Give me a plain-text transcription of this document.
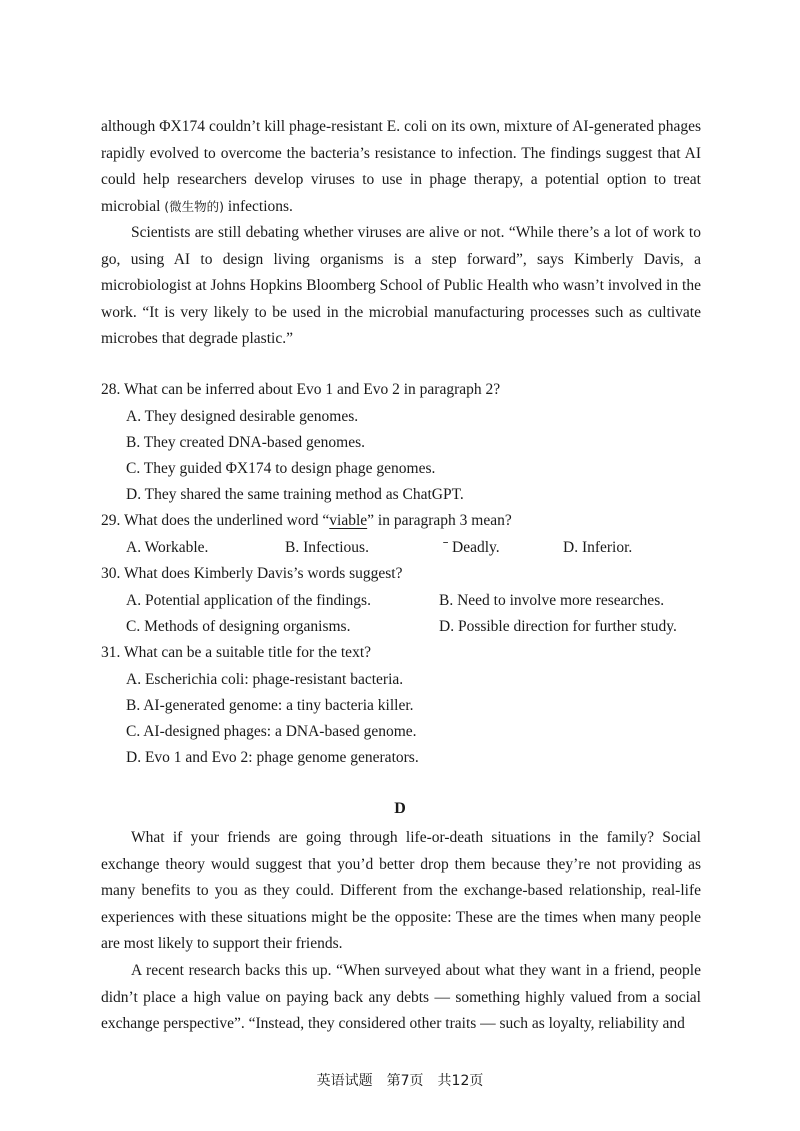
although ΦX174 couldn’t kill phage-resistant E. coli on its own, mixture of AI-generated phages rapidly evolved to overcome the bacteria’s resistance to infection. The findings suggest that AI could help researchers develop viruses to use in phage therapy, a potential option to treat microbial (微生物的) infections.

Scientists are still debating whether viruses are alive or not. “While there’s a lot of work to go, using AI to design living organisms is a step forward”, says Kimberly Davis, a microbiologist at Johns Hopkins Bloomberg School of Public Health who wasn’t involved in the work. “It is very likely to be used in the microbial manufacturing processes such as cultivate microbes that degrade plastic.”

28. What can be inferred about Evo 1 and Evo 2 in paragraph 2?

A. They designed desirable genomes.

B. They created DNA-based genomes.

C. They guided ΦX174 to design phage genomes.

D. They shared the same training method as ChatGPT.

29. What does the underlined word “viable” in paragraph 3 mean?

A. Workable.	B. Infectious.	ˉ Deadly.	D. Inferior.

30. What does Kimberly Davis’s words suggest?

A. Potential application of the findings.	B. Need to involve more researches.

C. Methods of designing organisms.	D. Possible direction for further study.

31. What can be a suitable title for the text?

A. Escherichia coli: phage-resistant bacteria.

B. AI-generated genome: a tiny bacteria killer.

C. AI-designed phages: a DNA-based genome.

D. Evo 1 and Evo 2: phage genome generators.

D

What if your friends are going through life-or-death situations in the family? Social exchange theory would suggest that you’d better drop them because they’re not providing as many benefits to you as they could. Different from the exchange-based relationship, real-life experiences with these situations might be the opposite: These are the times when many people are most likely to support their friends.

A recent research backs this up. “When surveyed about what they want in a friend, people didn’t place a high value on paying back any debts — something highly valued from a social exchange perspective”. “Instead, they considered other traits — such as loyalty, reliability and

英语试题　第7页　共12页
